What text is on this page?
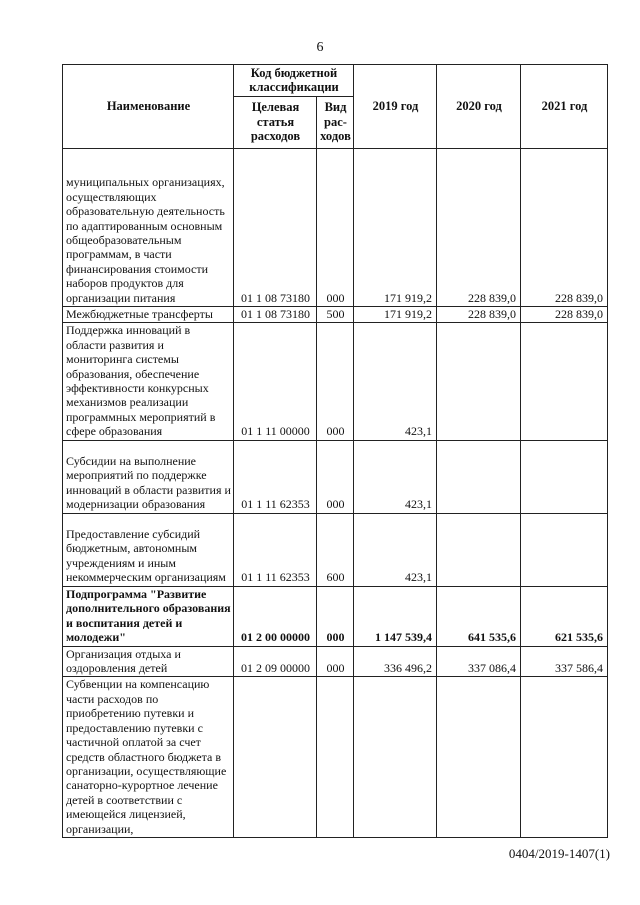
6
Наименование	Код бюджетной классификации		2019 год	2020 год	2021 год
	Целевая статья расходов	Вид рас- ходов			
муниципальных организациях, осуществляющих образовательную деятельность по адаптированным основным общеобразовательным программам, в части финансирования стоимости наборов продуктов для организации питания	01 1 08 73180	000	171 919,2	228 839,0	228 839,0
Межбюджетные трансферты	01 1 08 73180	500	171 919,2	228 839,0	228 839,0
Поддержка инноваций в области развития и мониторинга системы образования, обеспечение эффективности конкурсных механизмов реализации программных мероприятий в сфере образования	01 1 11 00000	000	423,1		
Субсидии на выполнение мероприятий по поддержке инноваций в области развития и модернизации образования	01 1 11 62353	000	423,1		
Предоставление субсидий бюджетным, автономным учреждениям и иным некоммерческим организациям	01 1 11 62353	600	423,1		
Подпрограмма "Развитие дополнительного образования и воспитания детей и молодежи"	01 2 00 00000	000	1 147 539,4	641 535,6	621 535,6
Организация отдыха и оздоровления детей	01 2 09 00000	000	336 496,2	337 086,4	337 586,4
Субвенции на компенсацию части расходов по приобретению путевки и предоставлению путевки с частичной оплатой за счет средств областного бюджета в организации, осуществляющие санаторно-курортное лечение детей в соответствии с имеющейся лицензией, организации,					
0404/2019-1407(1)
